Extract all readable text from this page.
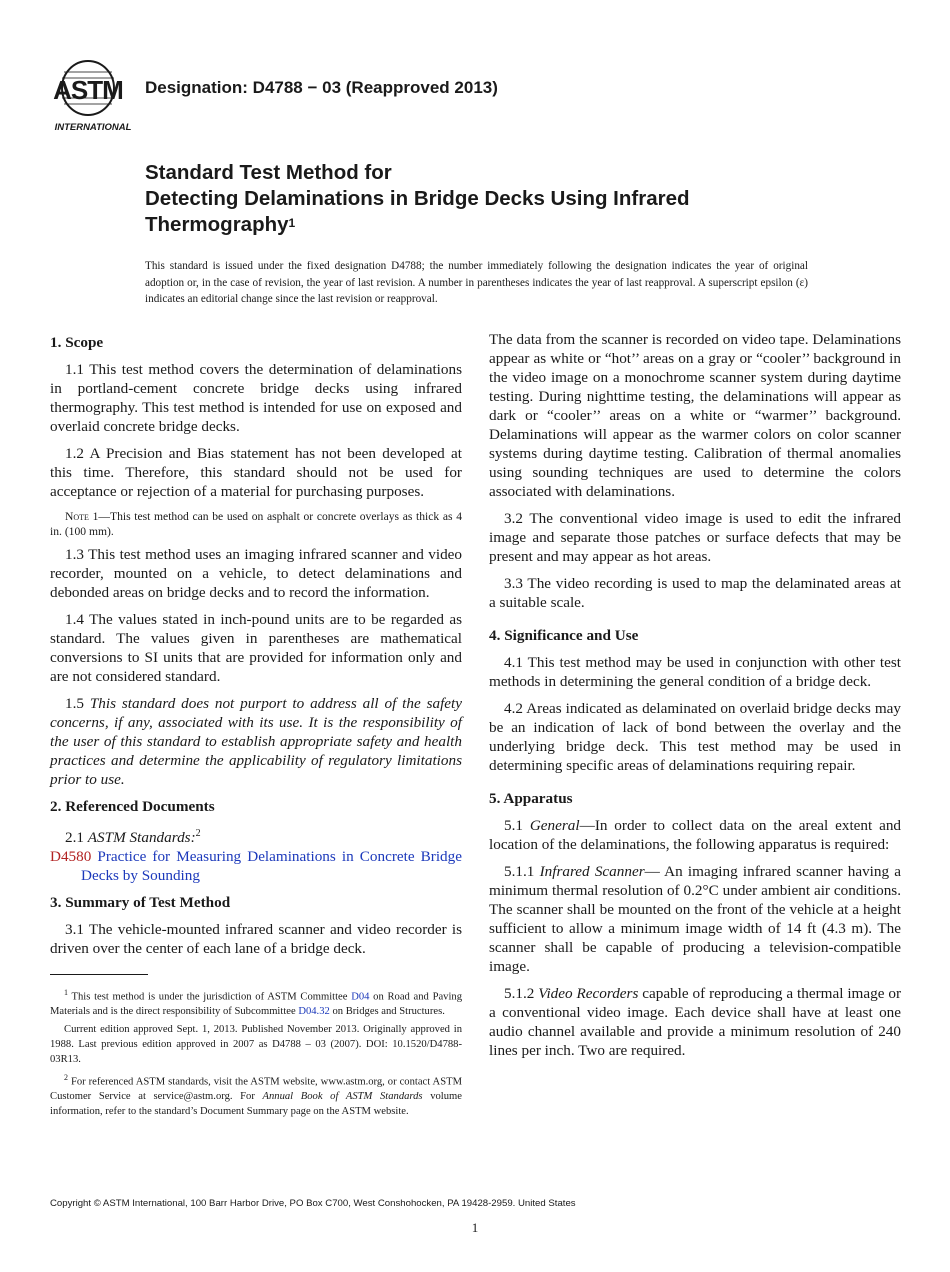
ASTM
INTERNATIONAL
Designation: D4788 − 03 (Reapproved 2013)
Standard Test Method for
Detecting Delaminations in Bridge Decks Using Infrared
Thermography$^1$
This standard is issued under the fixed designation D4788; the number immediately following the designation indicates the year of original adoption or, in the case of revision, the year of last revision. A number in parentheses indicates the year of last reapproval. A superscript epsilon (ε) indicates an editorial change since the last revision or reapproval.
1. Scope

1.1 This test method covers the determination of delaminations in portland-cement concrete bridge decks using infrared thermography. This test method is intended for use on exposed and overlaid concrete bridge decks.

1.2 A Precision and Bias statement has not been developed at this time. Therefore, this standard should not be used for acceptance or rejection of a material for purchasing purposes.

Note 1—This test method can be used on asphalt or concrete overlays as thick as 4 in. (100 mm).

1.3 This test method uses an imaging infrared scanner and video recorder, mounted on a vehicle, to detect delaminations and debonded areas on bridge decks and to record the information.

1.4 The values stated in inch-pound units are to be regarded as standard. The values given in parentheses are mathematical conversions to SI units that are provided for information only and are not considered standard.

1.5 This standard does not purport to address all of the safety concerns, if any, associated with its use. It is the responsibility of the user of this standard to establish appropriate safety and health practices and determine the applicability of regulatory limitations prior to use.

2. Referenced Documents

2.1 ASTM Standards:$^2$

D4580 Practice for Measuring Delaminations in Concrete Bridge Decks by Sounding

3. Summary of Test Method

3.1 The vehicle-mounted infrared scanner and video recorder is driven over the center of each lane of a bridge deck.

The data from the scanner is recorded on video tape. Delaminations appear as white or “hot’’ areas on a gray or “cooler’’ background in the video image on a monochrome scanner system during daytime testing. During nighttime testing, the delaminations will appear as dark or “cooler’’ areas on a white or “warmer’’ background. Delaminations will appear as the warmer colors on color scanner systems during daytime testing. Calibration of thermal anomalies using sounding techniques are used to determine the colors associated with delaminations.

3.2 The conventional video image is used to edit the infrared image and separate those patches or surface defects that may be present and may appear as hot areas.

3.3 The video recording is used to map the delaminated areas at a suitable scale.

4. Significance and Use

4.1 This test method may be used in conjunction with other test methods in determining the general condition of a bridge deck.

4.2 Areas indicated as delaminated on overlaid bridge decks may be an indication of lack of bond between the overlay and the underlying bridge deck. This test method may be used in determining specific areas of delaminations requiring repair.

5. Apparatus

5.1 General—In order to collect data on the areal extent and location of the delaminations, the following apparatus is required:

5.1.1 Infrared Scanner— An imaging infrared scanner having a minimum thermal resolution of 0.2°C under ambient air conditions. The scanner shall be mounted on the front of the vehicle at a height sufficient to allow a minimum image width of 14 ft (4.3 m). The scanner shall be capable of producing a television-compatible image.

5.1.2 Video Recorders capable of reproducing a thermal image or a conventional video image. Each device shall have at least one audio channel available and provide a minimum resolution of 240 lines per inch. Two are required.

$^1$ This test method is under the jurisdiction of ASTM Committee D04 on Road and Paving Materials and is the direct responsibility of Subcommittee D04.32 on Bridges and Structures.

Current edition approved Sept. 1, 2013. Published November 2013. Originally approved in 1988. Last previous edition approved in 2007 as D4788 – 03 (2007). DOI: 10.1520/D4788-03R13.

$^2$ For referenced ASTM standards, visit the ASTM website, www.astm.org, or contact ASTM Customer Service at service@astm.org. For Annual Book of ASTM Standards volume information, refer to the standard’s Document Summary page on the ASTM website.

Copyright © ASTM International, 100 Barr Harbor Drive, PO Box C700, West Conshohocken, PA 19428-2959. United States
1
